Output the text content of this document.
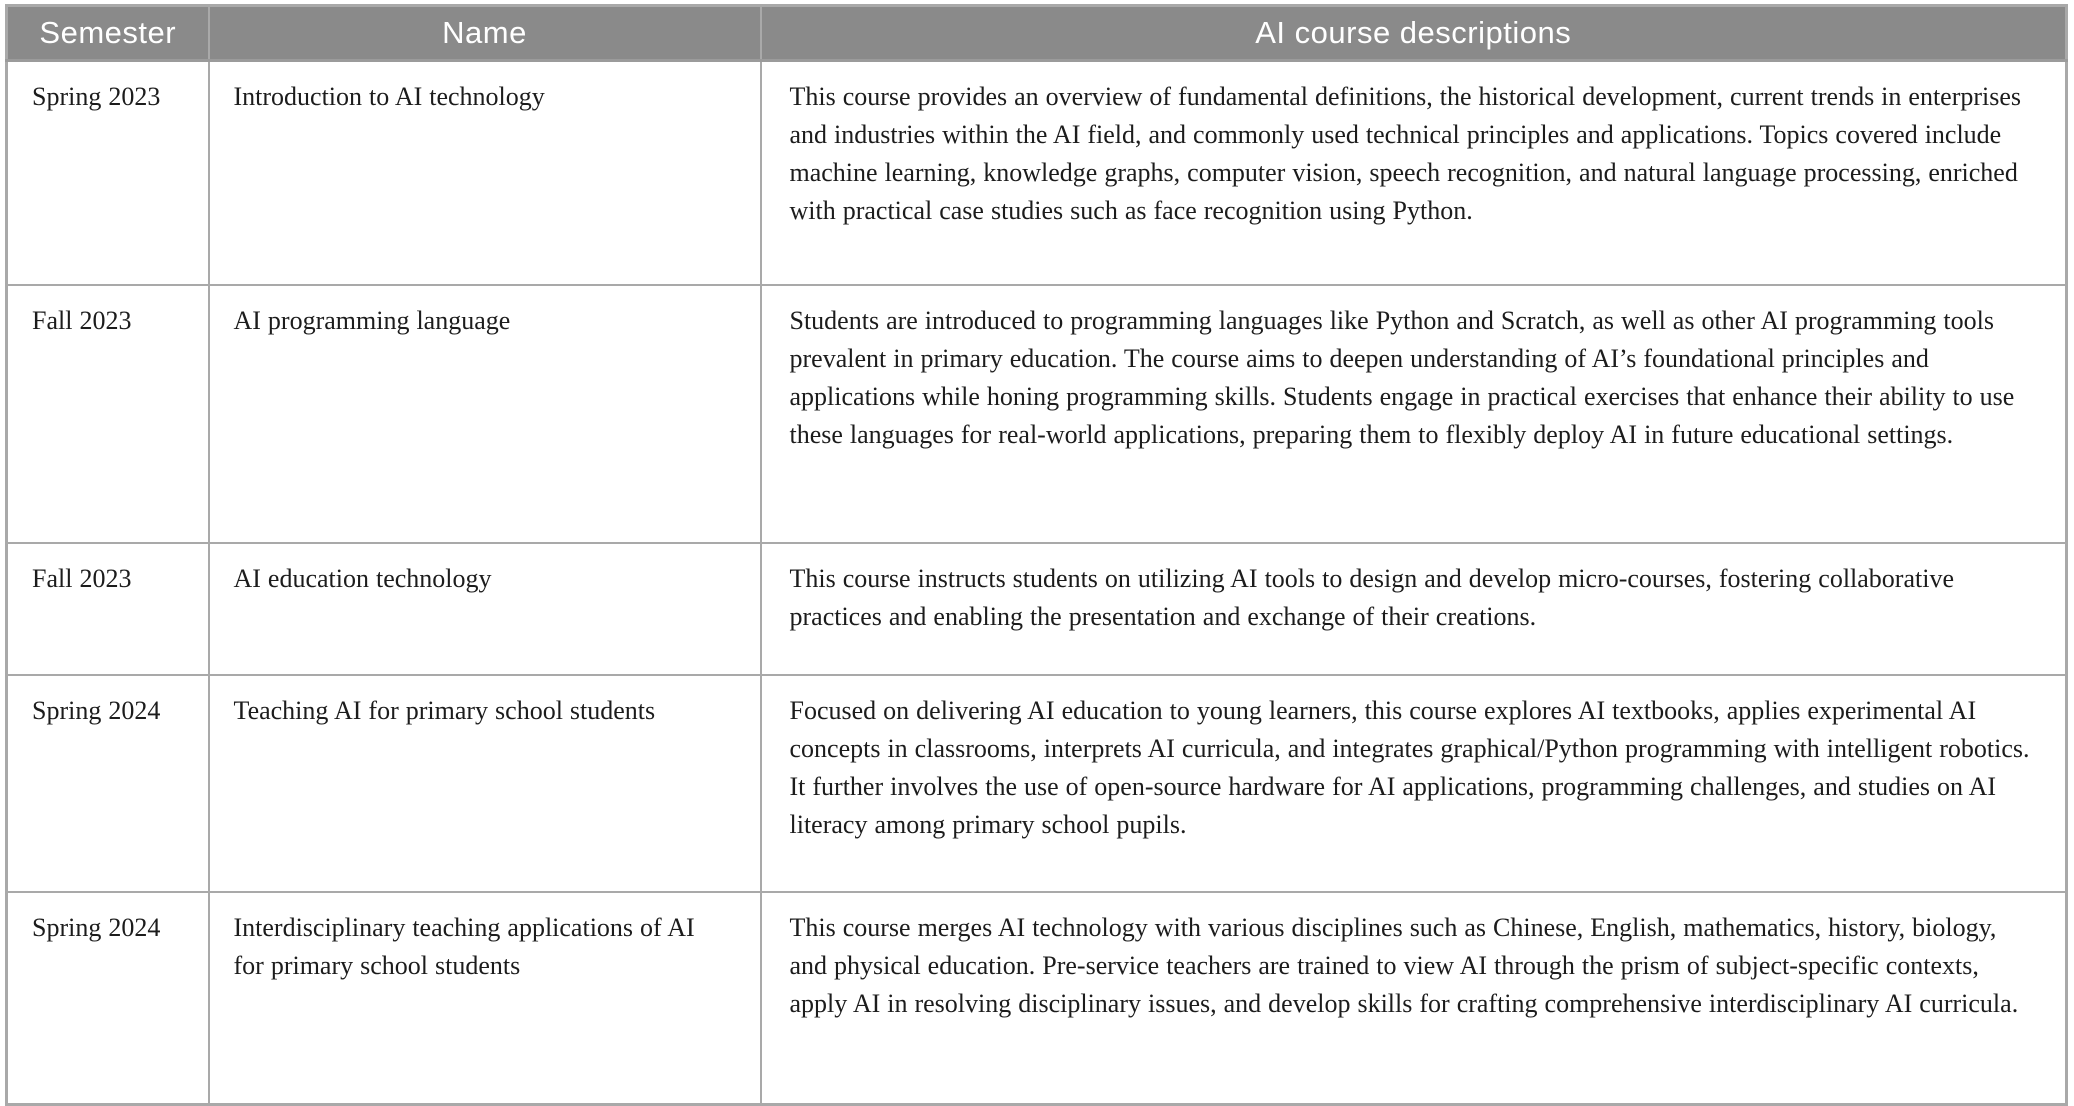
Semester	Name	AI course descriptions
Spring 2023	Introduction to AI technology	This course provides an overview of fundamental definitions, the historical development, current trends in enterprises and industries within the AI field, and commonly used technical principles and applications. Topics covered include machine learning, knowledge graphs, computer vision, speech recognition, and natural language processing, enriched with practical case studies such as face recognition using Python.
Fall 2023	AI programming language	Students are introduced to programming languages like Python and Scratch, as well as other AI programming tools prevalent in primary education. The course aims to deepen understanding of AI’s foundational principles and applications while honing programming skills. Students engage in practical exercises that enhance their ability to use these languages for real-world applications, preparing them to flexibly deploy AI in future educational settings.
Fall 2023	AI education technology	This course instructs students on utilizing AI tools to design and develop micro-courses, fostering collaborative practices and enabling the presentation and exchange of their creations.
Spring 2024	Teaching AI for primary school students	Focused on delivering AI education to young learners, this course explores AI textbooks, applies experimental AI concepts in classrooms, interprets AI curricula, and integrates graphical/Python programming with intelligent robotics. It further involves the use of open-source hardware for AI applications, programming challenges, and studies on AI literacy among primary school pupils.
Spring 2024	Interdisciplinary teaching applications of AI for primary school students	This course merges AI technology with various disciplines such as Chinese, English, mathematics, history, biology, and physical education. Pre-service teachers are trained to view AI through the prism of subject-specific contexts, apply AI in resolving disciplinary issues, and develop skills for crafting comprehensive interdisciplinary AI curricula.
